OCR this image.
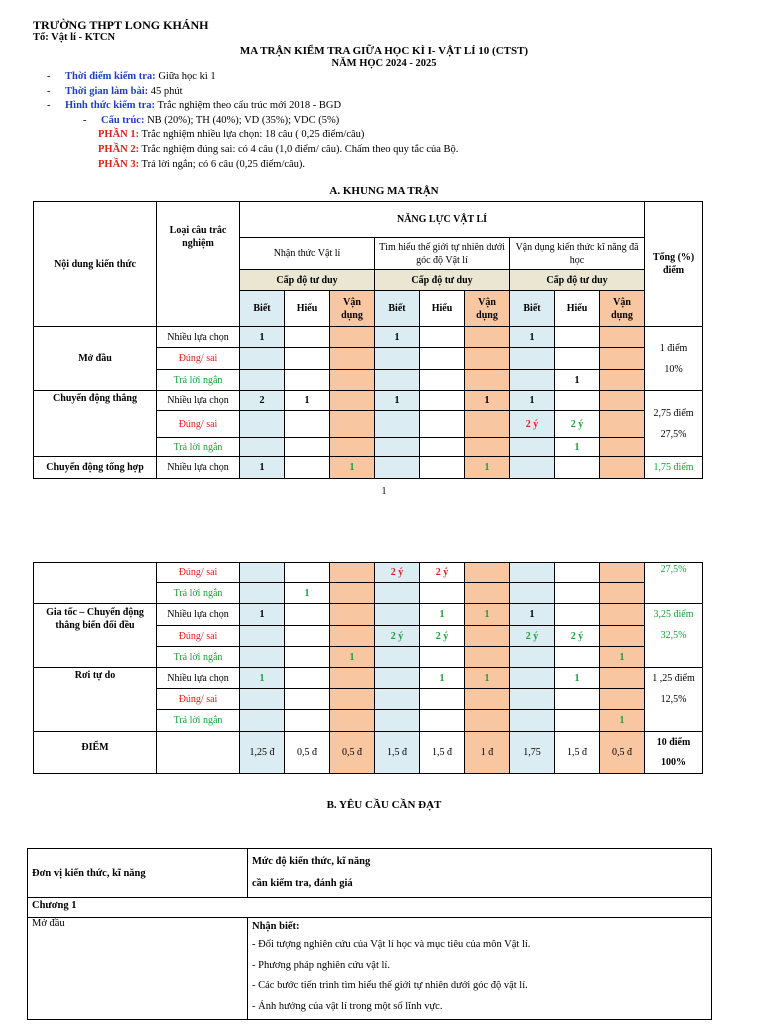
TRƯỜNG THPT LONG KHÁNH
Tổ: Vật lí - KTCN
MA TRẬN KIỂM TRA GIỮA HỌC KÌ I- VẬT LÍ 10 (CTST)
NĂM HỌC 2024 - 2025
- Thời điểm kiểm tra: Giữa học kì 1
- Thời gian làm bài: 45 phút
- Hình thức kiểm tra: Trắc nghiệm theo cấu trúc mới 2018 - BGD
- Cấu trúc: NB (20%); TH (40%); VD (35%); VDC (5%)
PHẦN 1: Trắc nghiệm nhiều lựa chọn: 18 câu ( 0,25 điểm/câu)
PHẦN 2: Trắc nghiệm đúng sai: có 4 câu (1,0 điểm/ câu). Chấm theo quy tắc của Bộ.
PHẦN 3: Trả lời ngắn; có 6 câu (0,25 điểm/câu).
A. KHUNG MA TRẬN
Nội dung kiến thức	Loại câu trắc nghiệm	NĂNG LỰC VẬT LÍ									Tổng (%) điểm
		Nhận thức Vật lí			Tìm hiểu thế giới tự nhiên dưới góc độ Vật lí			Vận dụng kiến thức kĩ năng đã học			
		Cấp độ tư duy			Cấp độ tư duy			Cấp độ tư duy			
		Biết	Hiểu	Vận dụng	Biết	Hiểu	Vận dụng	Biết	Hiểu	Vận dụng	
Mở đầu	Nhiều lựa chọn	1			1			1			1 điểm
10%

	Đúng/ sai										
	Trả lời ngắn								1		
Chuyển động thẳng	Nhiều lựa chọn	2	1		1		1	1			2,75 điểm
27,5%

	Đúng/ sai							2 ý	2 ý		
	Trả lời ngắn								1		
Chuyển động tổng hợp	Nhiều lựa chọn	1		1			1				1,75 điểm
1
	Đúng/ sai				2 ý	2 ý					27,5%
	Trả lời ngắn		1								
Gia tốc – Chuyển động thẳng biến đổi đều	Nhiều lựa chọn	1				1	1	1			3,25 điểm
32,5%

	Đúng/ sai				2 ý	2 ý		2 ý	2 ý		
	Trả lời ngắn			1						1	
Rơi tự do	Nhiều lựa chọn	1				1	1		1		1 ,25 điểm
12,5%

	Đúng/ sai										
	Trả lời ngắn									1	
ĐIỂM		1,25 đ	0,5 đ	0,5 đ	1,5 đ	1,5 đ	1 đ	1,75	1,5 đ	0,5 đ	10 điểm
100%
B. YÊU CẦU CẦN ĐẠT
Đơn vị kiến thức, kĩ năng	Mức độ kiến thức, kĩ năng
cần kiểm tra, đánh giá

Chương 1	
Mở đầu	Nhận biết:
- Đối tượng nghiên cứu của Vật lí học và mục tiêu của môn Vật lí.
- Phương pháp nghiên cứu vật lí.
- Các bước tiến trình tìm hiểu thế giới tự nhiên dưới góc độ vật lí.
- Ảnh hưởng của vật lí trong một số lĩnh vực.
